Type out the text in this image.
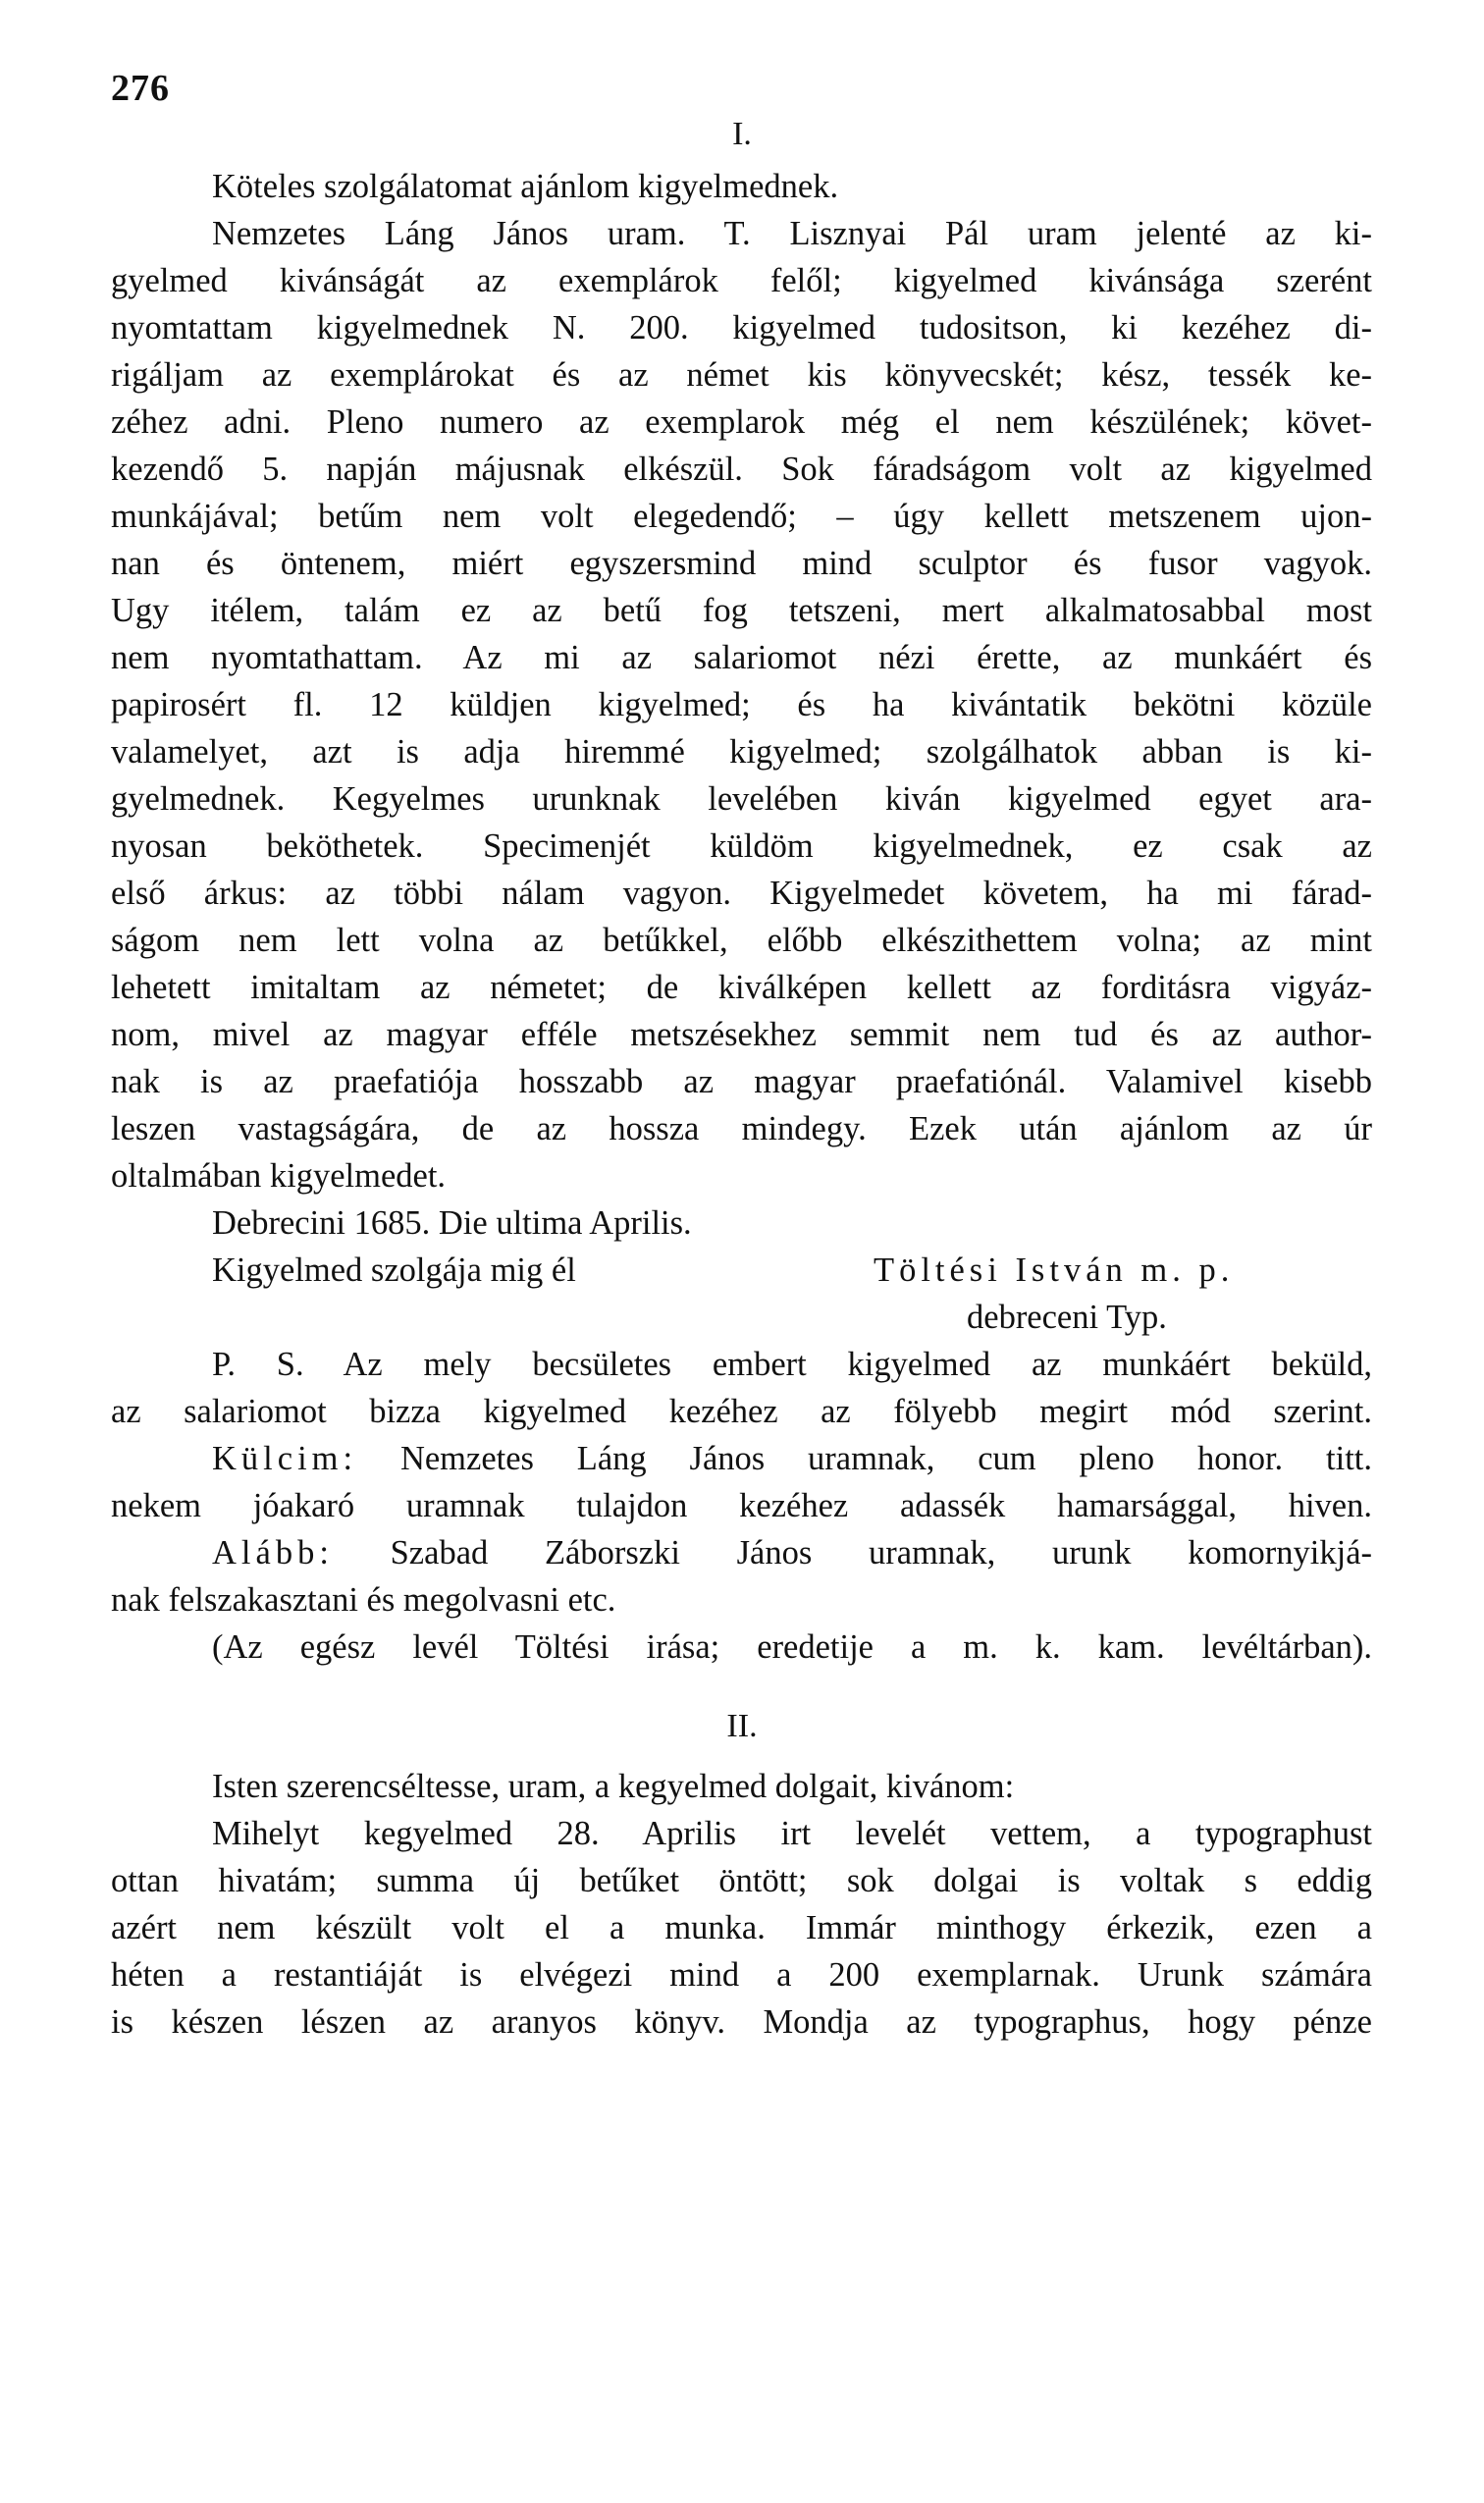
276
I.
Köteles szolgálatomat ajánlom kigyelmednek.
Nemzetes Láng János uram. T. Lisznyai Pál uram jelenté az ki-
gyelmed kivánságát az exemplárok felől; kigyelmed kivánsága szerént
nyomtattam kigyelmednek N. 200. kigyelmed tudositson, ki kezéhez di-
rigáljam az exemplárokat és az német kis könyvecskét; kész, tessék ke-
zéhez adni. Pleno numero az exemplarok még el nem készülének; követ-
kezendő 5. napján májusnak elkészül. Sok fáradságom volt az kigyelmed
munkájával; betűm nem volt elegedendő; – úgy kellett metszenem ujon-
nan és öntenem, miért egyszersmind mind sculptor és fusor vagyok.
Ugy itélem, talám ez az betű fog tetszeni, mert alkalmatosabbal most
nem nyomtathattam. Az mi az salariomot nézi érette, az munkáért és
papirosért fl. 12 küldjen kigyelmed; és ha kivántatik bekötni közüle
valamelyet, azt is adja hiremmé kigyelmed; szolgálhatok abban is ki-
gyelmednek. Kegyelmes urunknak levelében kiván kigyelmed egyet ara-
nyosan beköthetek. Specimenjét küldöm kigyelmednek, ez csak az
első árkus: az többi nálam vagyon. Kigyelmedet követem, ha mi fárad-
ságom nem lett volna az betűkkel, előbb elkészithettem volna; az mint
lehetett imitaltam az németet; de kiválképen kellett az forditásra vigyáz-
nom, mivel az magyar efféle metszésekhez semmit nem tud és az author-
nak is az praefatiója hosszabb az magyar praefatiónál. Valamivel kisebb
leszen vastagságára, de az hossza mindegy. Ezek után ajánlom az úr
oltalmában kigyelmedet.
Debrecini 1685. Die ultima Aprilis.
Kigyelmed szolgája mig él	Töltési István m. p.
debreceni Typ.
P. S. Az mely becsületes embert kigyelmed az munkáért beküld,
az salariomot bizza kigyelmed kezéhez az fölyebb megirt mód szerint.
Külcim: Nemzetes Láng János uramnak, cum pleno honor. titt.
nekem jóakaró uramnak tulajdon kezéhez adassék hamarsággal, hiven.
Alább: Szabad Záborszki János uramnak, urunk komornyikjá-
nak felszakasztani és megolvasni etc.
(Az egész levél Töltési irása; eredetije a m. k. kam. levéltárban).
II.
Isten szerencséltesse, uram, a kegyelmed dolgait, kivánom:
Mihelyt kegyelmed 28. Aprilis irt levelét vettem, a typographust
ottan hivatám; summa új betűket öntött; sok dolgai is voltak s eddig
azért nem készült volt el a munka. Immár minthogy érkezik, ezen a
héten a restantiáját is elvégezi mind a 200 exemplarnak. Urunk számára
is készen lészen az aranyos könyv. Mondja az typographus, hogy pénze
